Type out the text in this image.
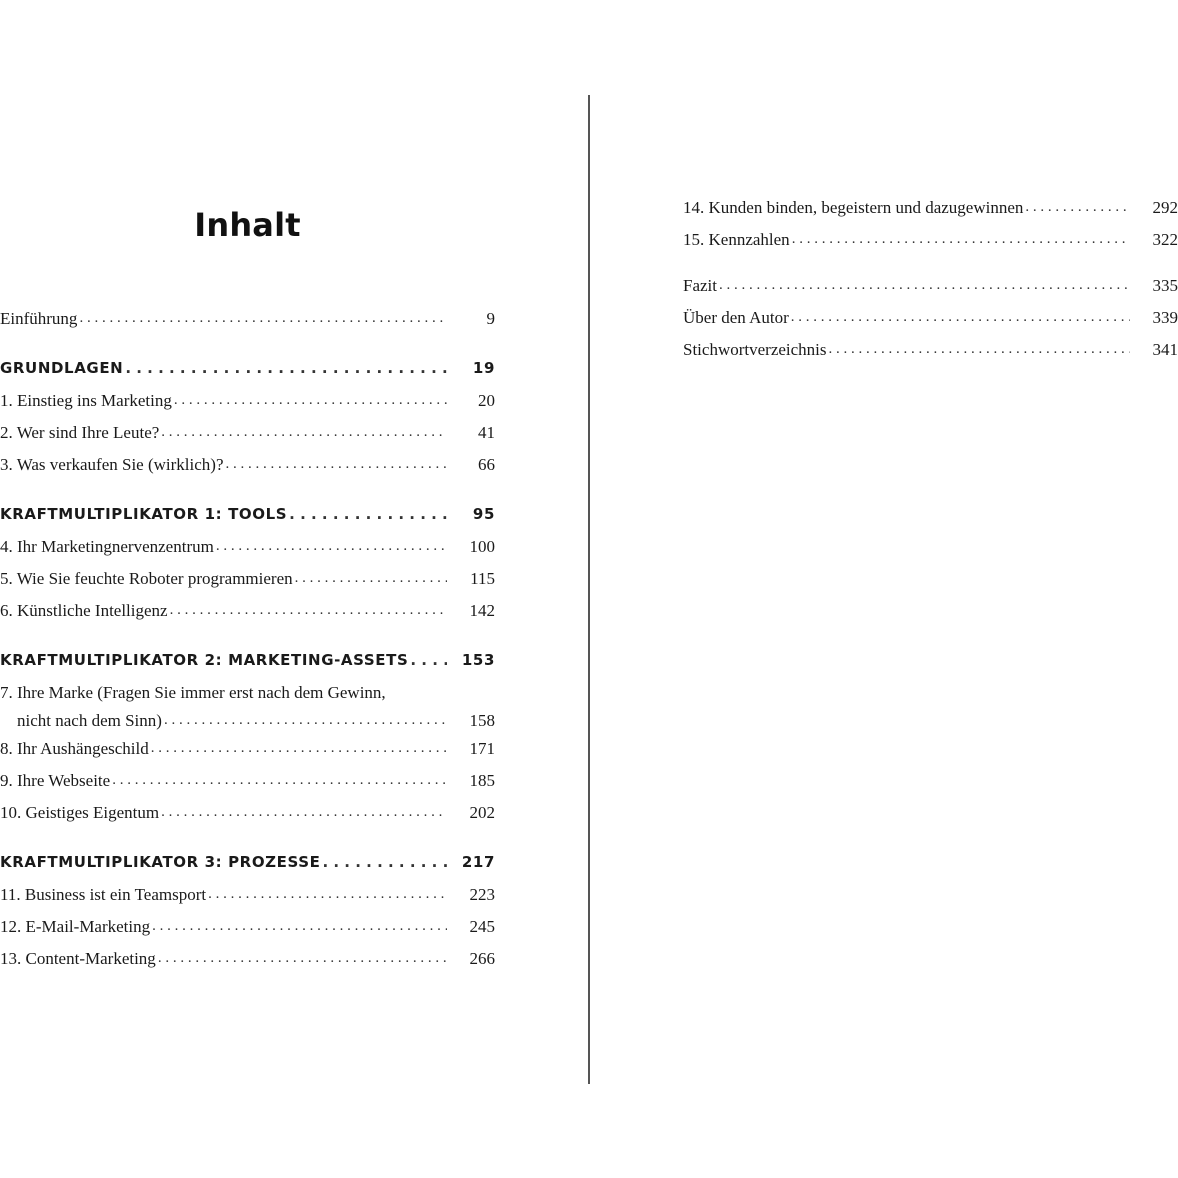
Inhalt
Einführung . . .	9
GRUNDLAGEN . . .	19
1. Einstieg ins Marketing . . .	20
2. Wer sind Ihre Leute? . . .	41
3. Was verkaufen Sie (wirklich)? . . .	66
KRAFTMULTIPLIKATOR 1: TOOLS . . .	95
4. Ihr Marketingnervenzentrum . . .	100
5. Wie Sie feuchte Roboter programmieren . . .	115
6. Künstliche Intelligenz . . .	142
KRAFTMULTIPLIKATOR 2: MARKETING-ASSETS . . .	153
7. Ihre Marke (Fragen Sie immer erst nach dem Gewinn,
nicht nach dem Sinn) . . .	158
8. Ihr Aushängeschild . . .	171
9. Ihre Webseite . . .	185
10. Geistiges Eigentum . . .	202
KRAFTMULTIPLIKATOR 3: PROZESSE . . .	217
11. Business ist ein Teamsport . . .	223
12. E-Mail-Marketing . . .	245
13. Content-Marketing . . .	266
14. Kunden binden, begeistern und dazugewinnen . . .	292
15. Kennzahlen . . .	322
Fazit . . .	335
Über den Autor . . .	339
Stichwortverzeichnis . . .	341
